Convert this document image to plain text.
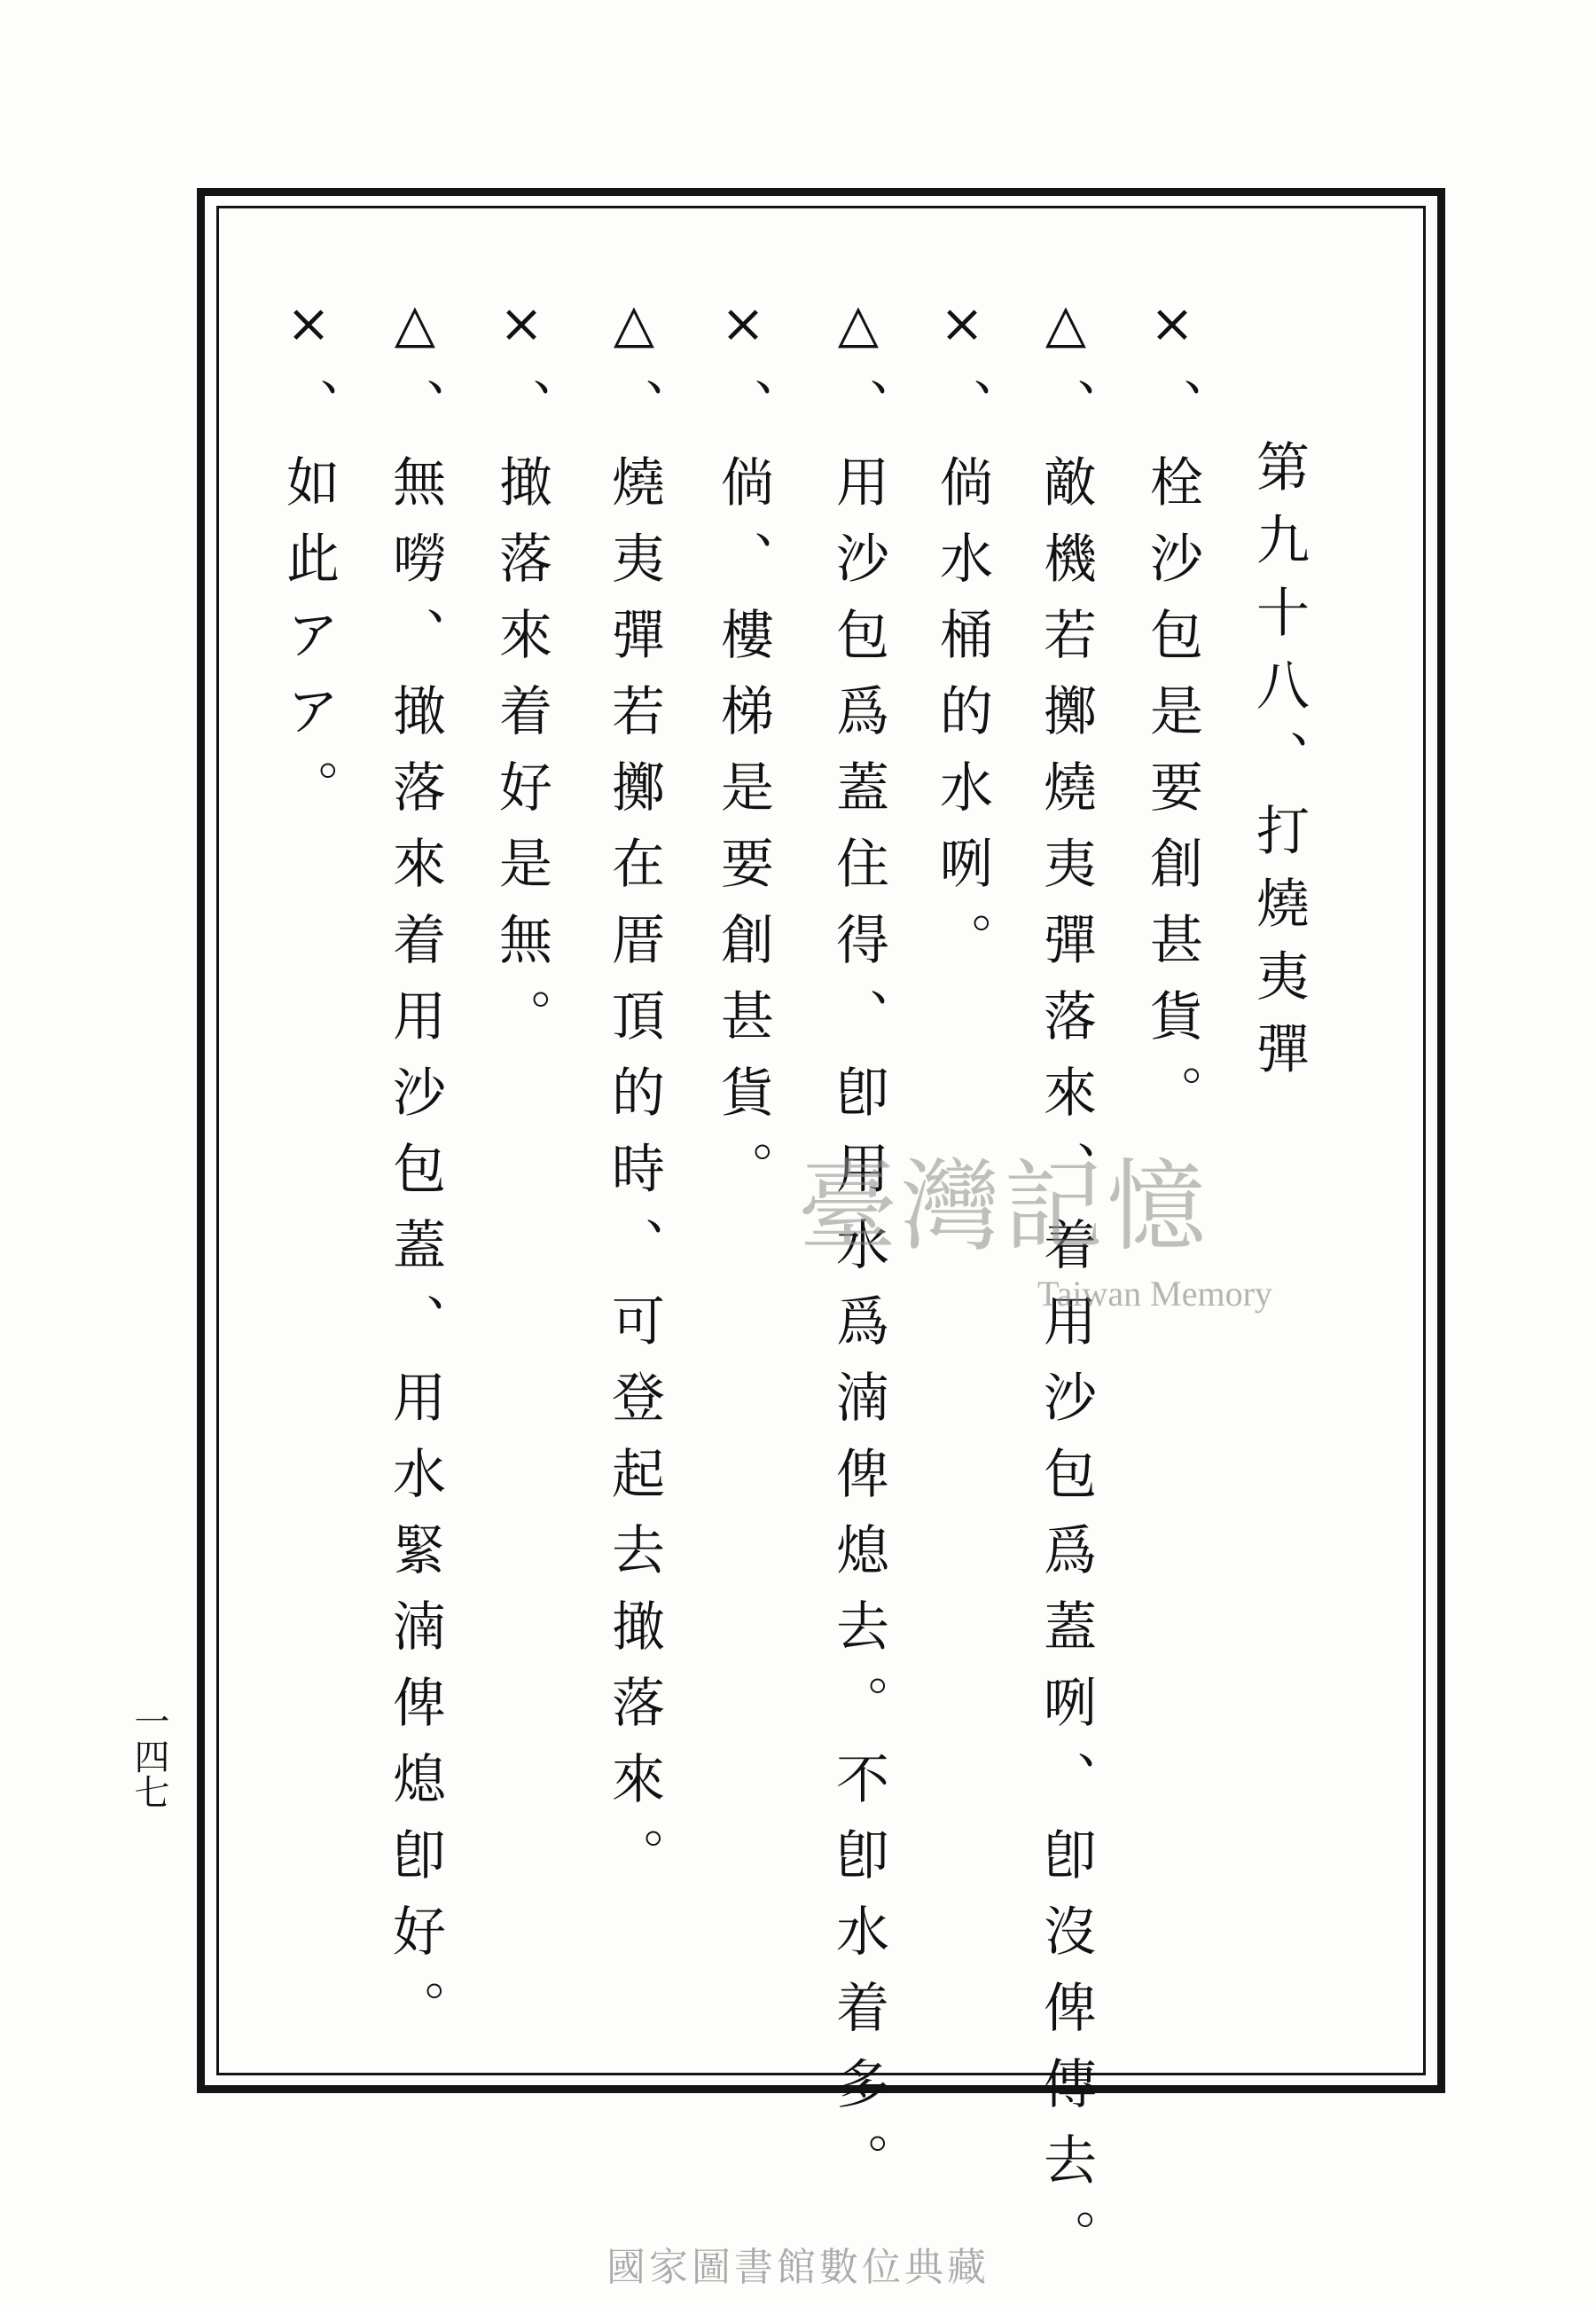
第九十八、打燒夷彈
×、栓沙包是要創甚貨。
△、敵機若擲燒夷彈落來、着用沙包爲蓋咧、卽沒俾傳去。
×、倘水桶的水咧。
△、用沙包爲蓋住得、卽用水爲湳俾熄去。不卽水着多。
×、倘、樓梯是要創甚貨。
△、燒夷彈若擲在厝頂的時、可登起去撖落來。
×、撖落來着好是無。
△、無嘮、撖落來着用沙包蓋、用水緊湳俾熄卽好。
×、如此アア。
一四七
臺灣記憶
Taiwan Memory
國家圖書館數位典藏
